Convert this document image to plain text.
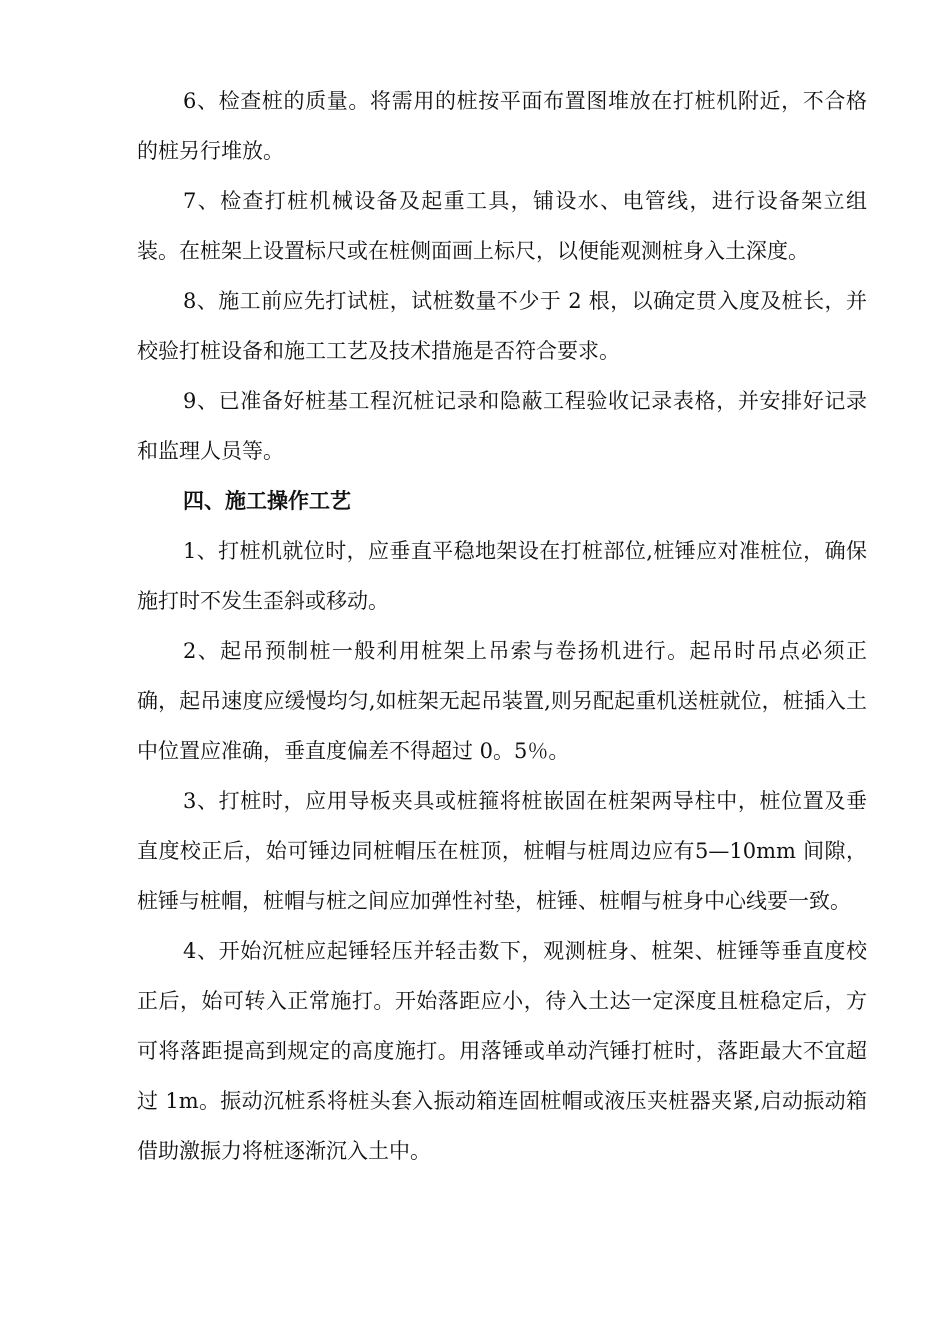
6、检查桩的质量。将需用的桩按平面布置图堆放在打桩机附近，不合格的桩另行堆放。

7、检查打桩机械设备及起重工具，铺设水、电管线，进行设备架立组装。在桩架上设置标尺或在桩侧面画上标尺，以便能观测桩身入土深度。

8、施工前应先打试桩，试桩数量不少于 2 根，以确定贯入度及桩长，并校验打桩设备和施工工艺及技术措施是否符合要求。

9、已准备好桩基工程沉桩记录和隐蔽工程验收记录表格，并安排好记录和监理人员等。

四、施工操作工艺

1、打桩机就位时，应垂直平稳地架设在打桩部位,桩锤应对准桩位，确保施打时不发生歪斜或移动。

2、起吊预制桩一般利用桩架上吊索与卷扬机进行。起吊时吊点必须正确，起吊速度应缓慢均匀,如桩架无起吊装置,则另配起重机送桩就位，桩插入土中位置应准确，垂直度偏差不得超过 0。5％。

3、打桩时，应用导板夹具或桩箍将桩嵌固在桩架两导柱中，桩位置及垂直度校正后，始可锤边同桩帽压在桩顶，桩帽与桩周边应有5—10mm 间隙，桩锤与桩帽，桩帽与桩之间应加弹性衬垫，桩锤、桩帽与桩身中心线要一致。

4、开始沉桩应起锤轻压并轻击数下，观测桩身、桩架、桩锤等垂直度校正后，始可转入正常施打。开始落距应小，待入土达一定深度且桩稳定后，方可将落距提高到规定的高度施打。用落锤或单动汽锤打桩时，落距最大不宜超过 1m。振动沉桩系将桩头套入振动箱连固桩帽或液压夹桩器夹紧,启动振动箱借助激振力将桩逐渐沉入土中。
